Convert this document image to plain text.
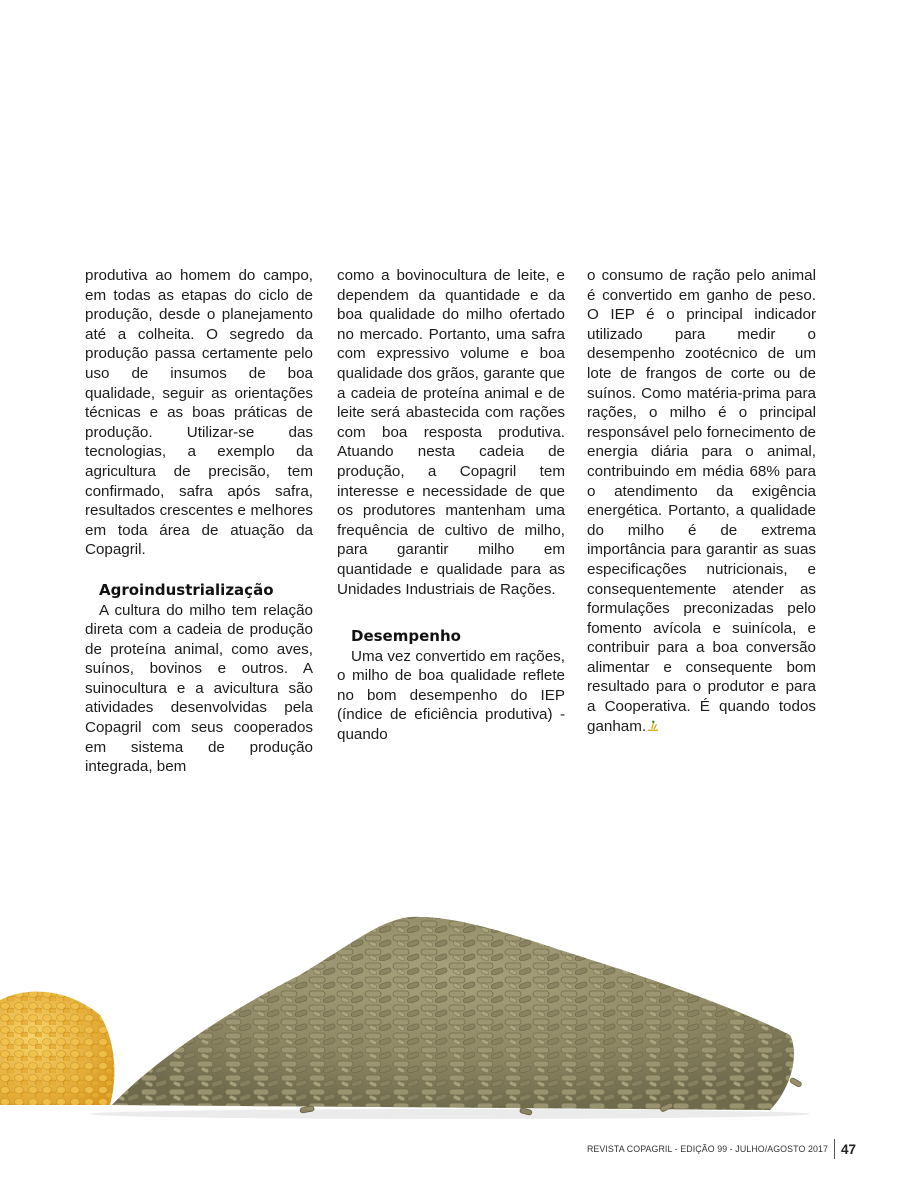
produtiva ao homem do campo, em todas as etapas do ciclo de produção, desde o planejamento até a colheita. O segredo da produção passa certamente pelo uso de insumos de boa qualidade, seguir as orientações técnicas e as boas práticas de produção. Utilizar-se das tecnologias, a exemplo da agricultura de precisão, tem confirmado, safra após safra, resultados crescentes e melhores em toda área de atuação da Copagril.

Agroindustrialização

A cultura do milho tem relação direta com a cadeia de produção de proteína animal, como aves, suínos, bovinos e outros. A suinocultura e a avicultura são atividades desenvolvidas pela Copagril com seus cooperados em sistema de produção integrada, bem

como a bovinocultura de leite, e dependem da quantidade e da boa qualidade do milho ofertado no mercado. Portanto, uma safra com expressivo volume e boa qualidade dos grãos, garante que a cadeia de proteína animal e de leite será abastecida com rações com boa resposta produtiva. Atuando nesta cadeia de produção, a Copagril tem interesse e necessidade de que os produtores mantenham uma frequência de cultivo de milho, para garantir milho em quantidade e qualidade para as Unidades Industriais de Rações.

Desempenho

Uma vez convertido em rações, o milho de boa qualidade reflete no bom desempenho do IEP (índice de eficiência produtiva) - quando

o consumo de ração pelo animal é convertido em ganho de peso. O IEP é o principal indicador utilizado para medir o desempenho zootécnico de um lote de frangos de corte ou de suínos. Como matéria-prima para rações, o milho é o principal responsável pelo fornecimento de energia diária para o animal, contribuindo em média 68% para o atendimento da exigência energética. Portanto, a qualidade do milho é de extrema importância para garantir as suas especificações nutricionais, e consequentemente atender as formulações preconizadas pelo fomento avícola e suinícola, e contribuir para a boa conversão alimentar e consequente bom resultado para o produtor e para a Cooperativa. É quando todos ganham.

REVISTA COPAGRIL - EDIÇÃO 99 - JULHO/AGOSTO 2017 47
